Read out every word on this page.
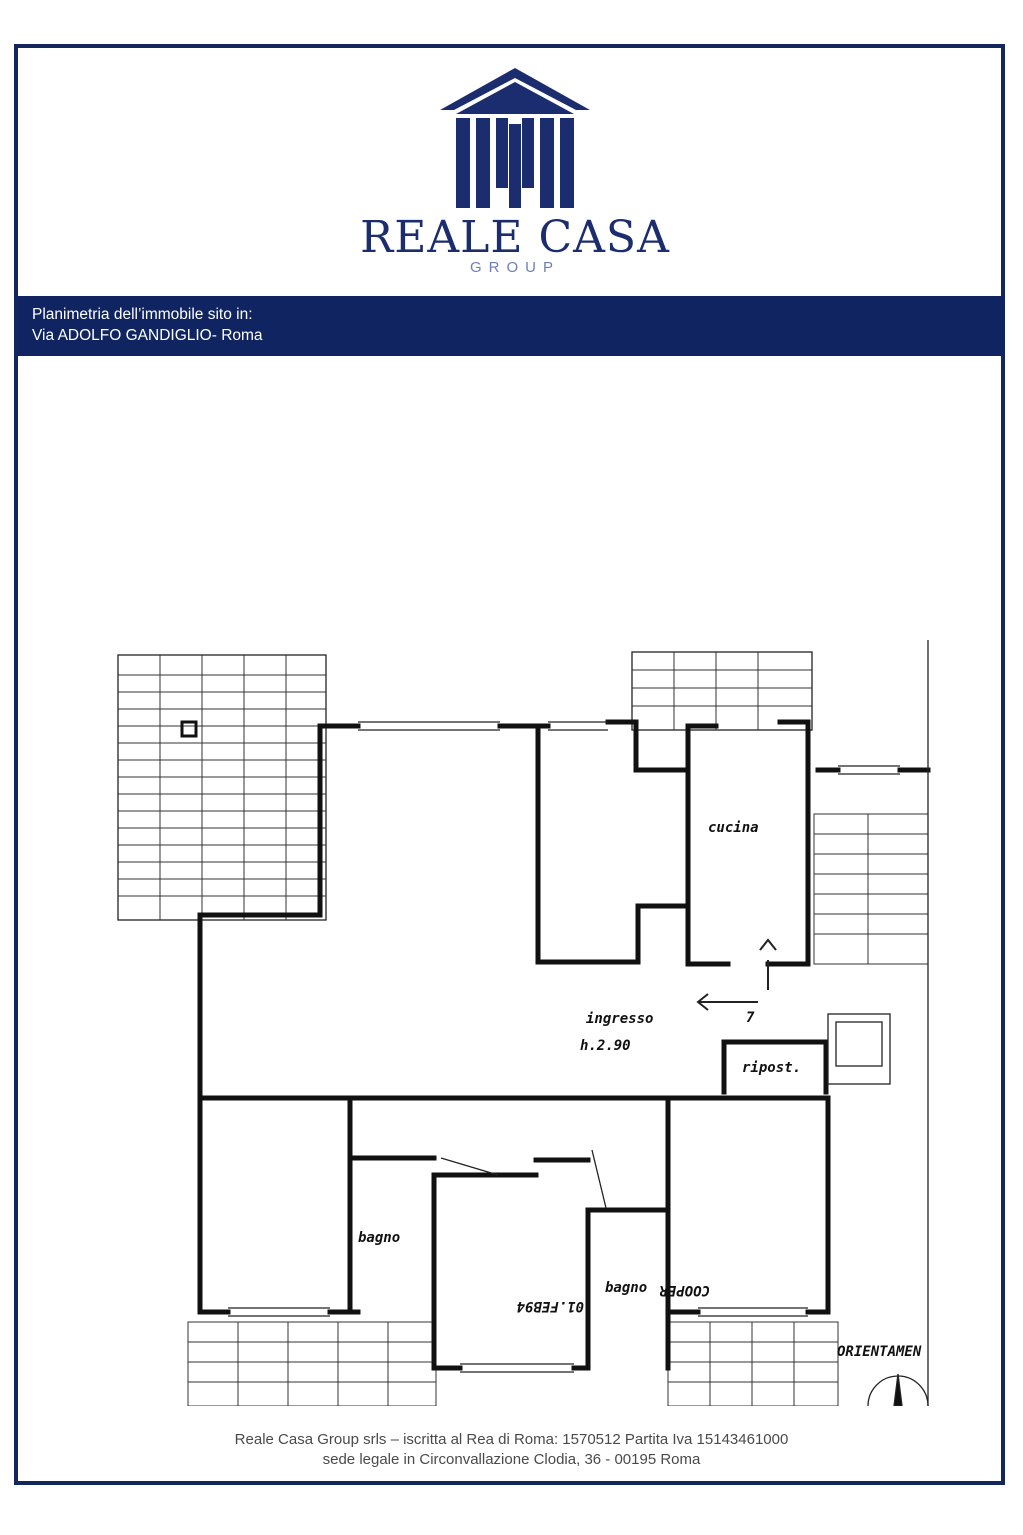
REALE CASA
GROUP
Planimetria dell’immobile sito in:
Via ADOLFO GANDIGLIO- Roma
cucina
ingresso
h.2.90
ripost.
7
bagno
bagno
ORIENTAMEN
01.FEB94
COOPER
Reale Casa Group srls – iscritta al Rea di Roma: 1570512 Partita Iva 15143461000
sede legale in Circonvallazione Clodia, 36 - 00195 Roma
